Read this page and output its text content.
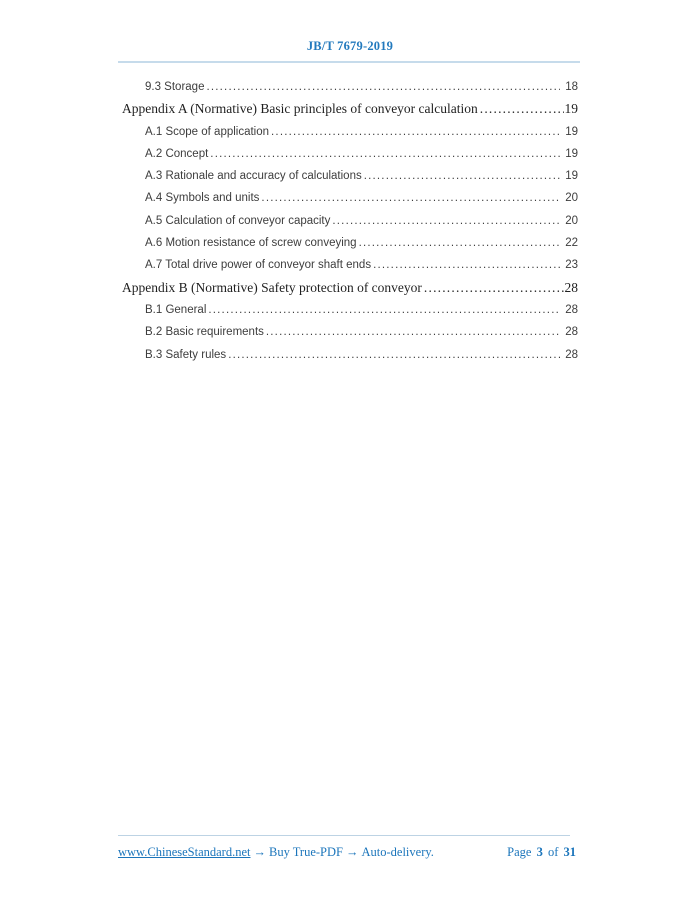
JB/T 7679-2019
9.3 Storage .....	18
Appendix A (Normative) Basic principles of conveyor calculation .....	19
A.1 Scope of application .....	19
A.2 Concept .....	19
A.3 Rationale and accuracy of calculations .....	19
A.4 Symbols and units .....	20
A.5 Calculation of conveyor capacity .....	20
A.6 Motion resistance of screw conveying .....	22
A.7 Total drive power of conveyor shaft ends .....	23
Appendix B (Normative) Safety protection of conveyor .....	28
B.1 General .....	28
B.2 Basic requirements .....	28
B.3 Safety rules .....	28
www.ChineseStandard.net → Buy True-PDF → Auto-delivery.	Page 3 of 31
